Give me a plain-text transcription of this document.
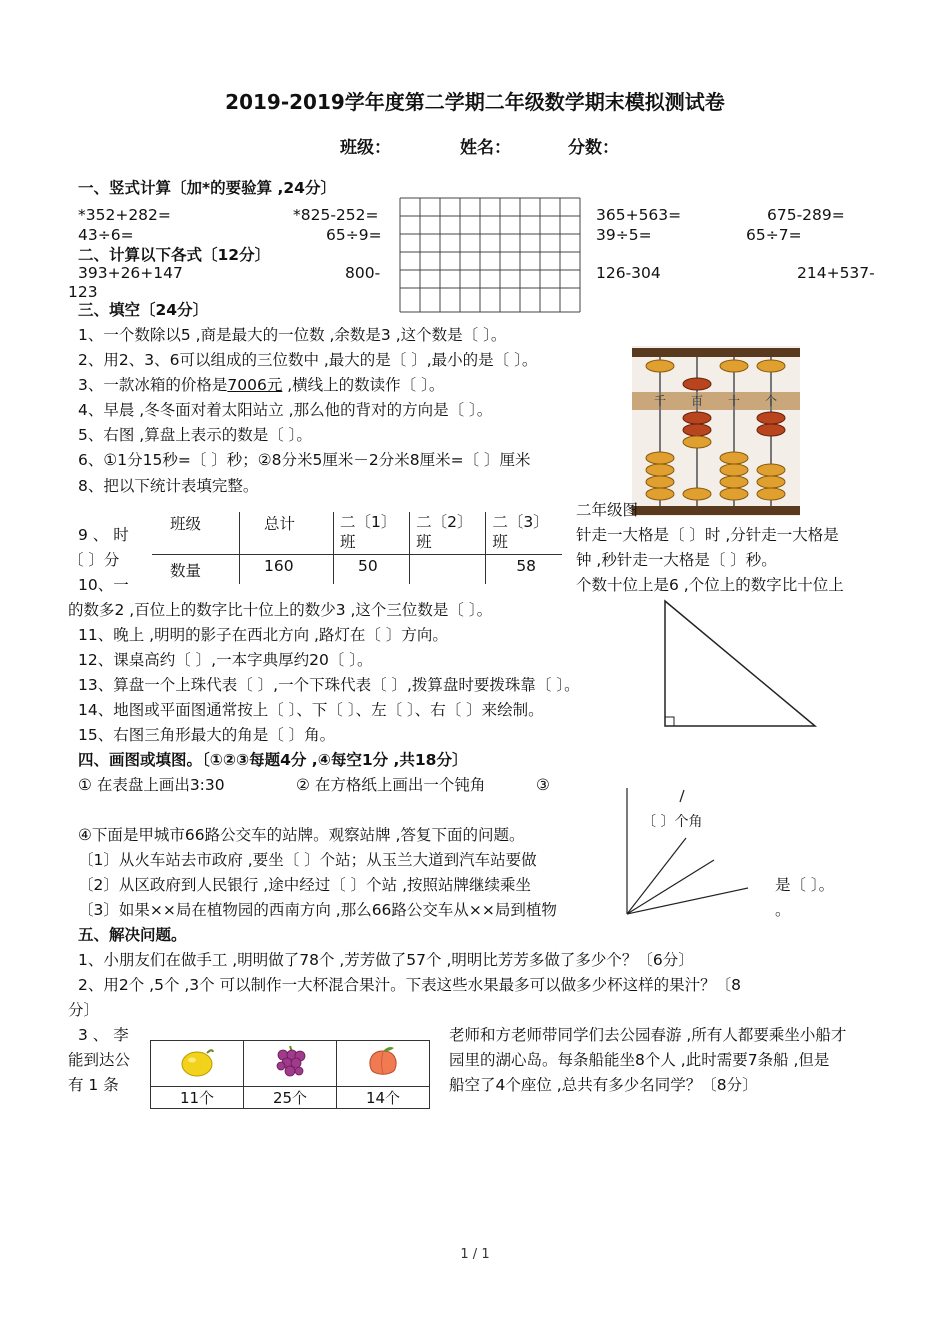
2019-2019学年度第二学期二年级数学期末模拟测试卷
班级：	姓名：	分数：
一、竖式计算〔加*的要验算 ,24分〕
*352+282=	*825-252=	365+563=	675-289=
43÷6=	65÷9=	39÷5=	65÷7=
二、计算以下各式〔12分〕
393+26+147	800-	126-304	214+537-
123
三、填空〔24分〕
1、一个数除以5 ,商是最大的一位数 ,余数是3 ,这个数是〔 〕。
2、用2、3、6可以组成的三位数中 ,最大的是〔 〕,最小的是〔 〕。
3、一款冰箱的价格是7006元 ,横线上的数读作〔 〕。
4、早晨 ,冬冬面对着太阳站立 ,那么他的背对的方向是〔 〕。
5、右图 ,算盘上表示的数是〔 〕。
6、①1分15秒=〔 〕秒；②8分米5厘米－2分米8厘米=〔 〕厘米
8、把以下统计表填完整。
千 百 十 个
9 、 时
〔 〕分
10、一
班级	总计	二〔1〕班	二〔2〕班	二〔3〕班
数量	160	50		58
二年级图
针走一大格是〔 〕时 ,分针走一大格是
钟 ,秒针走一大格是〔 〕秒。
个数十位上是6 ,个位上的数字比十位上
的数多2 ,百位上的数字比十位上的数少3 ,这个三位数是〔 〕。
11、晚上 ,明明的影子在西北方向 ,路灯在〔 〕方向。
12、课桌高约〔 〕,一本字典厚约20〔 〕。
13、算盘一个上珠代表〔 〕,一个下珠代表〔 〕,拨算盘时要拨珠靠〔 〕。
14、地图或平面图通常按上〔 〕、下〔 〕、左〔 〕、右〔 〕来绘制。
15、右图三角形最大的角是〔 〕角。
四、画图或填图。〔①②③每题4分 ,④每空1分 ,共18分〕
① 在表盘上画出3:30	② 在方格纸上画出一个钝角	③
〔 〕个角
④下面是甲城市66路公交车的站牌。观察站牌 ,答复下面的问题。
〔1〕从火车站去市政府 ,要坐〔 〕个站；从玉兰大道到汽车站要做
〔2〕从区政府到人民银行 ,途中经过〔 〕个站 ,按照站牌继续乘坐	是〔 〕。
〔3〕如果××局在植物园的西南方向 ,那么66路公交车从××局到植物	。
五、解决问题。
1、小朋友们在做手工 ,明明做了78个 ,芳芳做了57个 ,明明比芳芳多做了多少个？〔6分〕
2、用2个 ,5个 ,3个 可以制作一大杯混合果汁。下表这些水果最多可以做多少杯这样的果汁？〔8
分〕
3 、 李
能到达公
有 1 条

11个	25个	14个
老师和方老师带同学们去公园春游 ,所有人都要乘坐小船才
园里的湖心岛。每条船能坐8个人 ,此时需要7条船 ,但是
船空了4个座位 ,总共有多少名同学？〔8分〕
1 / 1
